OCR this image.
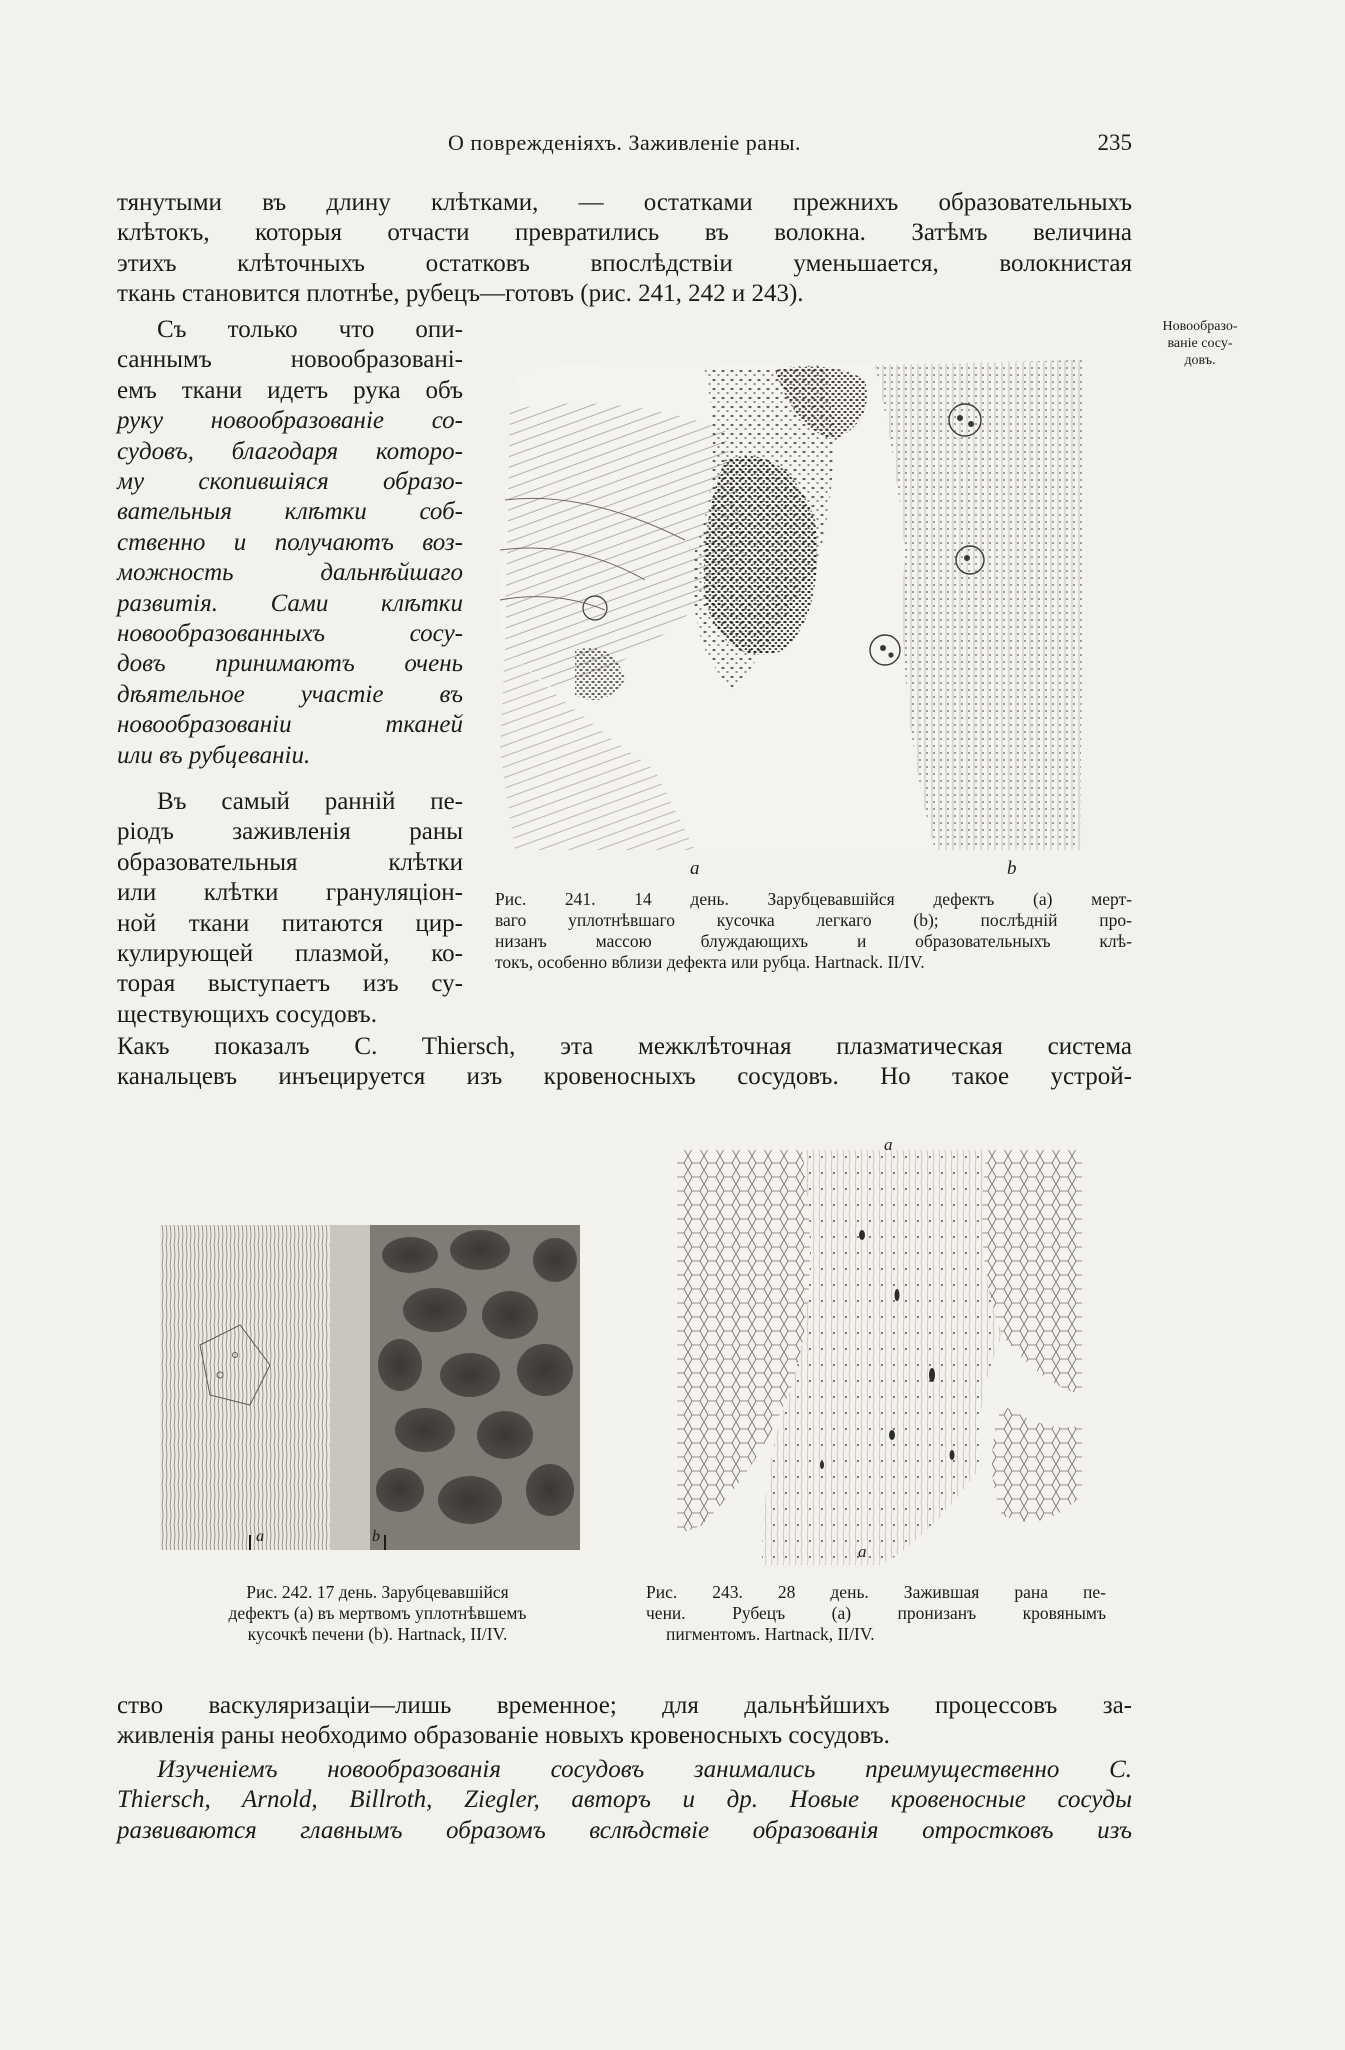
О поврежденіяхъ. Заживленіе раны.	235
тянутыми въ длину клѣтками, — остатками прежнихъ образовательныхъ
клѣтокъ, которыя отчасти превратились въ волокна. Затѣмъ величина
этихъ клѣточныхъ остатковъ впослѣдствіи уменьшается, волокнистая
ткань становится плотнѣе, рубецъ—готовъ (рис. 241, 242 и 243).
Новообразо-
ваніе сосу-
довъ.
Съ только что опи-
саннымъ новообразовані-
емъ ткани идетъ рука объ
руку новообразованіе со-
судовъ, благодаря которо-
му скопившіяся образо-
вательныя клѣтки соб-
ственно и получаютъ воз-
можность дальнѣйшаго
развитія. Сами клѣтки
новообразованныхъ сосу-
довъ принимаютъ очень
дѣятельное участіе въ
новообразованіи тканей
или въ рубцеваніи.
Въ самый ранній пе-
ріодъ заживленія раны
образовательныя клѣтки
или клѣтки грануляціон-
ной ткани питаются цир-
кулирующей плазмой, ко-
торая выступаетъ изъ су-
ществующихъ сосудовъ.
Какъ показалъ C. Thiersch, эта межклѣточная плазматическая система
канальцевъ инъецируется изъ кровеносныхъ сосудовъ. Но такое устрой-
a	b
Рис. 241. 14 день. Зарубцевавшійся дефектъ (a) мерт-
ваго уплотнѣвшаго кусочка легкаго (b); послѣдній про-
низанъ массою блуждающихъ и образовательныхъ клѣ-
токъ, особенно вблизи дефекта или рубца. Hartnack. II/IV.
a	b
Рис. 242. 17 день. Зарубцевавшійся
дефектъ (a) въ мертвомъ уплотнѣвшемъ
кусочкѣ печени (b). Hartnack, II/IV.
a
a
Рис. 243. 28 день. Зажившая рана пе-
чени. Рубецъ (a) пронизанъ кровянымъ
пигментомъ. Hartnack, II/IV.
ство васкуляризаціи—лишь временное; для дальнѣйшихъ процессовъ за-
живленія раны необходимо образованіе новыхъ кровеносныхъ сосудовъ.
Изученіемъ новообразованія сосудовъ занимались преимущественно C.
Thiersch, Arnold, Billroth, Ziegler, авторъ и др. Новые кровеносные сосуды
развиваются главнымъ образомъ вслѣдствіе образованія отростковъ изъ
